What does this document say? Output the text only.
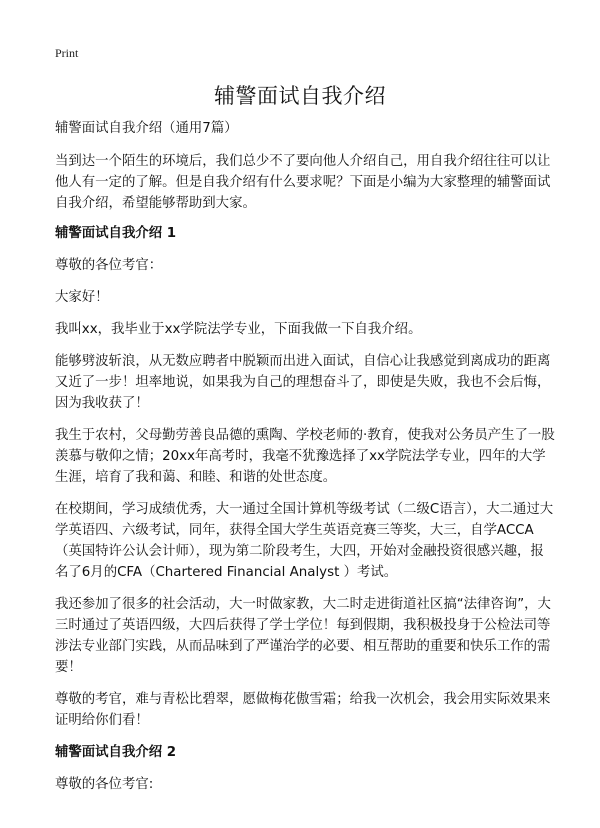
Print
辅警面试自我介绍

辅警面试自我介绍（通用7篇）

当到达一个陌生的环境后，我们总少不了要向他人介绍自己，用自我介绍往往可以让他人有一定的了解。但是自我介绍有什么要求呢？下面是小编为大家整理的辅警面试自我介绍，希望能够帮助到大家。

辅警面试自我介绍 1

尊敬的各位考官：

大家好！

我叫xx，我毕业于xx学院法学专业，下面我做一下自我介绍。

能够劈波斩浪，从无数应聘者中脱颖而出进入面试，自信心让我感觉到离成功的距离又近了一步！坦率地说，如果我为自己的理想奋斗了，即使是失败，我也不会后悔，因为我收获了！

我生于农村，父母勤劳善良品德的熏陶、学校老师的·教育，使我对公务员产生了一股羡慕与敬仰之情；20xx年高考时，我毫不犹豫选择了xx学院法学专业，四年的大学生涯，培育了我和蔼、和睦、和谐的处世态度。

在校期间，学习成绩优秀，大一通过全国计算机等级考试（二级C语言），大二通过大学英语四、六级考试，同年，获得全国大学生英语竞赛三等奖，大三，自学ACCA（英国特许公认会计师），现为第二阶段考生，大四，开始对金融投资很感兴趣，报名了6月的CFA（Chartered Financial Analyst ）考试。

我还参加了很多的社会活动，大一时做家教，大二时走进街道社区搞“法律咨询”，大三时通过了英语四级，大四后获得了学士学位！每到假期，我积极投身于公检法司等涉法专业部门实践，从而品味到了严谨治学的必要、相互帮助的重要和快乐工作的需要！

尊敬的考官，难与青松比碧翠，愿做梅花傲雪霜；给我一次机会，我会用实际效果来证明给你们看！

辅警面试自我介绍 2

尊敬的各位考官:
